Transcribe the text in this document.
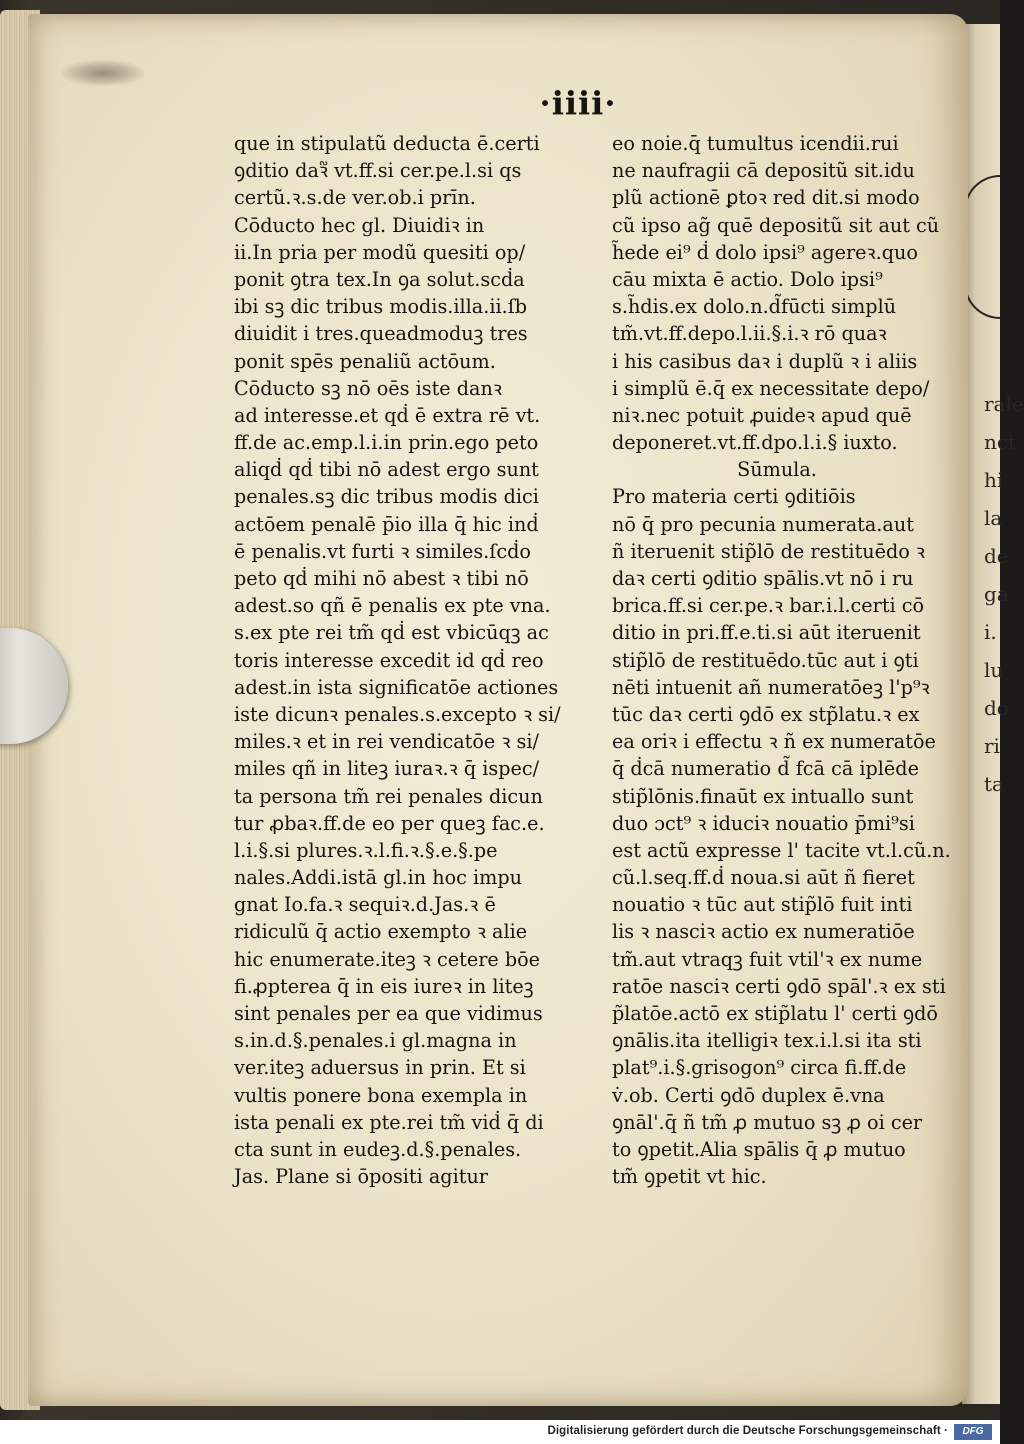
·iiii·
que in stipulatũ deducta ē.certi
ꝯditio daꝛ᷑ vt.ff.si cer.pe.l.si qs
certũ.ꝛ.s.de ver.ob.i prīn.
Cōducto hec gl. Diuidiꝛ in
ii.In pria per modũ quesiti op/
ponit ꝯtra tex.In ꝯa solut.scḋa
ibi sꝫ dic tribus modis.illa.ii.ſb
diuidit i tres.queadmoduꝫ tres
ponit spēs penaliũ actōum.
Cōducto sꝫ nō oēs iste danꝛ
ad interesse.et qḋ ē extra rē vt.
ff.de ac.emp.l.i.in prin.ego peto
aliqḋ qḋ tibi nō adest ergo sunt
penales.sꝫ dic tribus modis dici
actōem penalē p̄io illa q̄ hic inḋ
ē penalis.vt furti ꝛ similes.ſcḋo
peto qḋ mihi nō abest ꝛ tibi nō
adest.so qñ ē penalis ex pte vna.
s.ex pte rei tm̃ qḋ est vbicūqꝫ ac
toris interesse excedit id qḋ reo
adest.in ista significatōe actiones
iste dicunꝛ penales.s.excepto ꝛ si/
miles.ꝛ et in rei vendicatōe ꝛ si/
miles qñ in liteꝫ iuraꝛ.ꝛ q̄ ispec/
ta persona tm̃ rei penales dicun
tur ꝓbaꝛ.ff.de eo per queꝫ fac.e.
l.i.§.si plures.ꝛ.l.fi.ꝛ.§.e.§.pe
nales.Addi.istā gl.in hoc impu
gnat Io.fa.ꝛ sequiꝛ.d.Jas.ꝛ ē
ridiculũ q̄ actio exempto ꝛ alie
hic enumerate.iteꝫ ꝛ cetere bōe
fi.ꝓpterea q̄ in eis iureꝛ in liteꝫ
sint penales per ea que vidimus
s.in.d.§.penales.i gl.magna in
ver.iteꝫ aduersus in prin. Et si
vultis ponere bona exempla in
ista penali ex pte.rei tm̃ viḋ q̄ di
cta sunt in eudeꝫ.d.§.penales.
Jas. Plane si ōpositi agitur
eo noie.q̄ tumultus icendii.rui
ne naufragii cā depositũ sit.idu
plũ actionē ꝑtoꝛ red dit.si modo
cũ ipso ag̃ quē depositũ sit aut cũ
h̃ede ei⁹ ḋ dolo ipsi⁹ agereꝛ.quo
cāu mixta ē actio. Dolo ipsi⁹
s.h̃dis.ex dolo.n.d̃fūcti simplū
tm̃.vt.ff.depo.l.ii.§.i.ꝛ rō quaꝛ
i his casibus daꝛ i duplũ ꝛ i aliis
i simplũ ē.q̄ ex necessitate depo/
niꝛ.nec potuit ꝓuideꝛ apud quē
deponeret.vt.ff.dpo.l.i.§ iuxto.
Sūmula.
Pro materia certi ꝯditiōis
nō q̄ pro pecunia numerata.aut
ñ iteruenit stip̃lō de restituēdo ꝛ
daꝛ certi ꝯditio spālis.vt nō i ru
brica.ff.si cer.pe.ꝛ bar.i.l.certi cō
ditio in pri.ff.e.ti.si aūt iteruenit
stip̃lō de restituēdo.tūc aut i ꝯti
nēti intuenit añ numeratōeꝫ l'p⁹ꝛ
tūc daꝛ certi ꝯdō ex stp̃latu.ꝛ ex
ea oriꝛ i effectu ꝛ ñ ex numeratōe
q̄ ḋcā numeratio d̃ fcā cā iplēde
stip̃lōnis.finaūt ex intuallo sunt
duo ɔct⁹ ꝛ iduciꝛ nouatio p̄mi⁹si
est actũ expresse l' tacite vt.l.cũ.n.
cũ.l.seq.ff.ḋ noua.si aūt ñ fieret
nouatio ꝛ tūc aut stip̃lō fuit inti
lis ꝛ nasciꝛ actio ex numeratiōe
tm̃.aut vtraqꝫ fuit vtil'ꝛ ex nume
ratōe nasciꝛ certi ꝯdō spāl'.ꝛ ex sti
p̃latōe.actō ex stip̃latu l' certi ꝯdō
ꝯnālis.ita itelligiꝛ tex.i.l.si ita sti
plat⁹.i.§.grisogon⁹ circa fi.ff.de
v̇.ob. Certi ꝯdō duplex ē.vna
ꝯnāl'.q̄ ñ tm̃ ꝓ mutuo sꝫ ꝓ oi cer
to ꝯpetit.Alia spālis q̄ ꝓ mutuo
tm̃ ꝯpetit vt hic.
rale
nct
hi
la
de
ga
i.
lu
do
ri
ta
Digitalisierung gefördert durch die Deutsche Forschungsgemeinschaft ·	DFG
